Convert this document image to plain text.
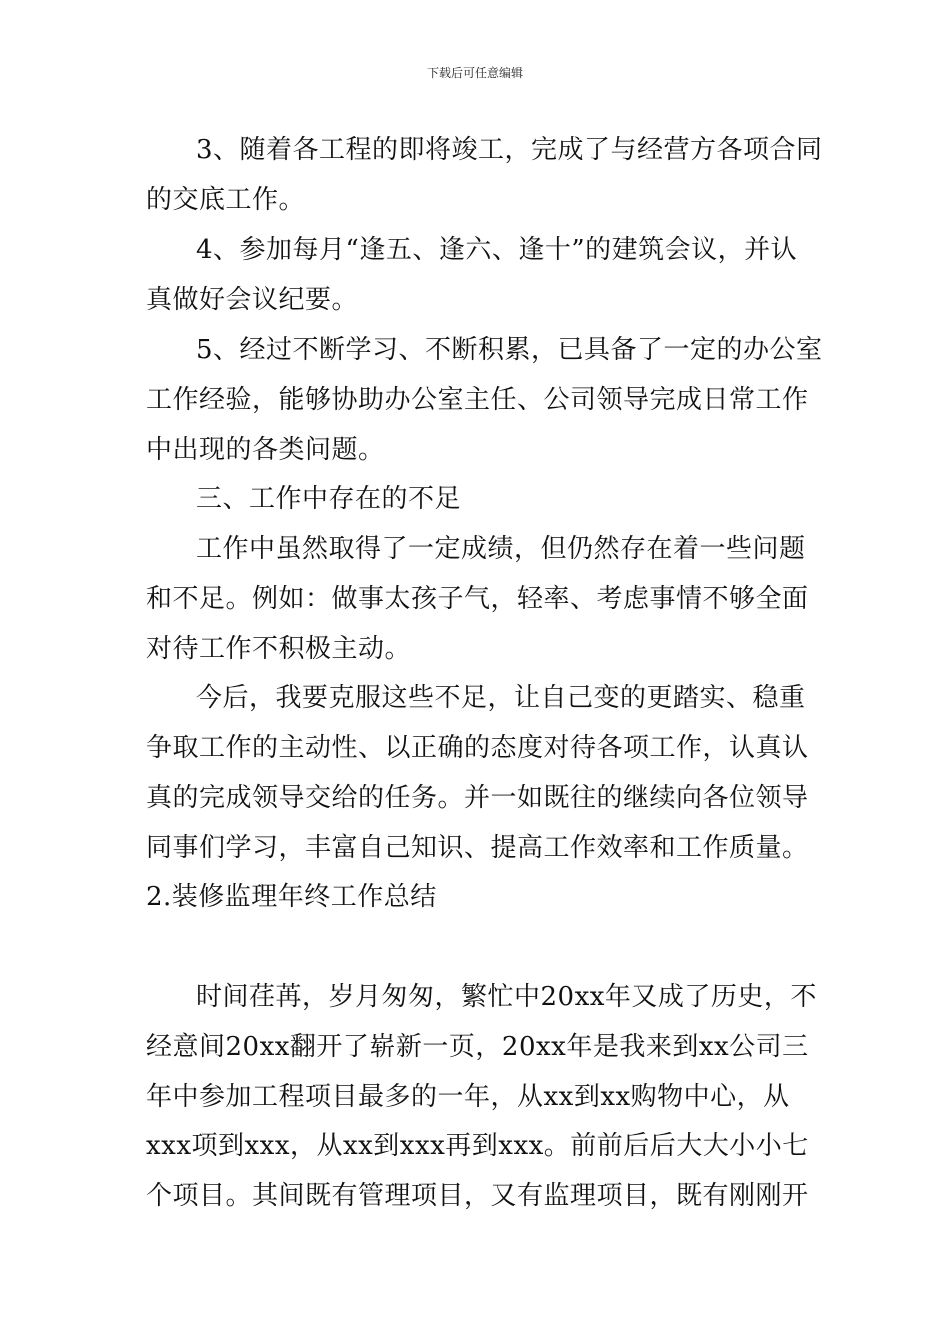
下载后可任意编辑
3、随着各工程的即将竣工，完成了与经营方各项合同
的交底工作。
4、参加每月“逢五、逢六、逢十”的建筑会议，并认
真做好会议纪要。
5、经过不断学习、不断积累，已具备了一定的办公室
工作经验，能够协助办公室主任、公司领导完成日常工作
中出现的各类问题。
三、工作中存在的不足
工作中虽然取得了一定成绩，但仍然存在着一些问题
和不足。例如：做事太孩子气，轻率、考虑事情不够全面
对待工作不积极主动。
今后，我要克服这些不足，让自己变的更踏实、稳重
争取工作的主动性、以正确的态度对待各项工作，认真认
真的完成领导交给的任务。并一如既往的继续向各位领导
同事们学习，丰富自己知识、提高工作效率和工作质量。
2.装修监理年终工作总结
时间荏苒，岁月匆匆，繁忙中20xx年又成了历史，不
经意间20xx翻开了崭新一页，20xx年是我来到xx公司三
年中参加工程项目最多的一年，从xx到xx购物中心，从
xxx项到xxx，从xx到xxx再到xxx。前前后后大大小小七
个项目。其间既有管理项目，又有监理项目，既有刚刚开
